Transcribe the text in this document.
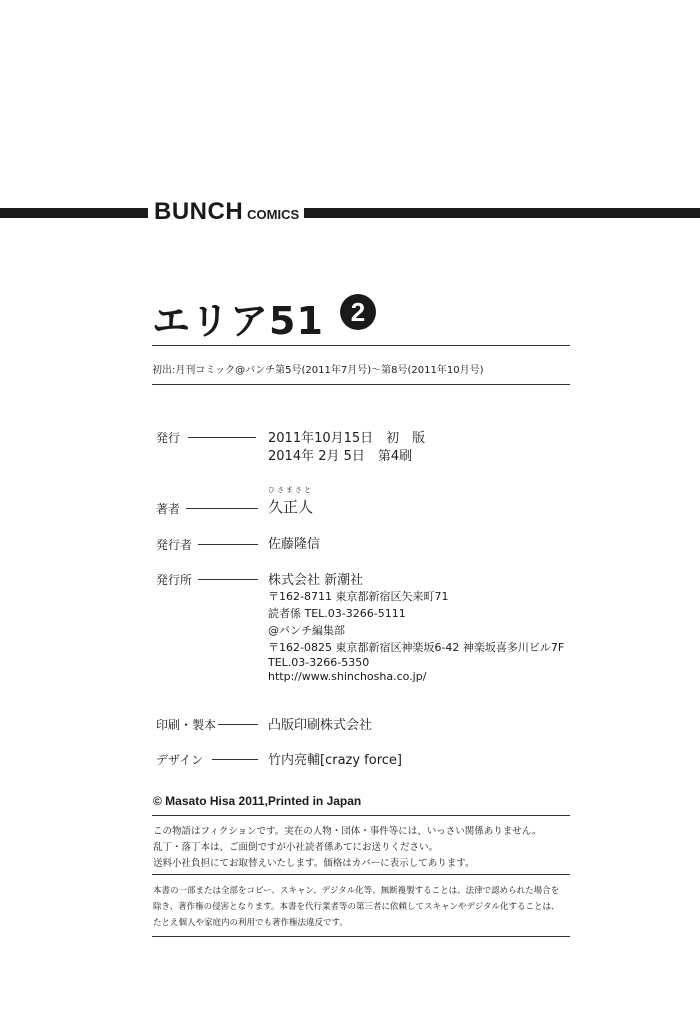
BUNCH COMICS
エリア51	2
初出:月刊コミック@バンチ第5号(2011年7月号)～第8号(2011年10月号)
発行	2011年10月15日　初　版
2014年 2月 5日　第4刷
ひさまさと
著者	久正人
発行者	佐藤隆信
発行所	株式会社 新潮社
〒162-8711 東京都新宿区矢来町71
読者係 TEL.03-3266-5111
@バンチ編集部
〒162-0825 東京都新宿区神楽坂6-42 神楽坂喜多川ビル7F
TEL.03-3266-5350
http://www.shinchosha.co.jp/
印刷・製本	凸版印刷株式会社
デザイン	竹内亮輔[crazy force]
© Masato Hisa 2011,Printed in Japan
この物語はフィクションです。実在の人物・団体・事件等には、いっさい関係ありません。
乱丁・落丁本は、ご面倒ですが小社読者係あてにお送りください。
送料小社負担にてお取替えいたします。価格はカバーに表示してあります。
本書の一部または全部をコピー、スキャン、デジタル化等、無断複製することは、法律で認められた場合を
除き、著作権の侵害となります。本書を代行業者等の第三者に依頼してスキャンやデジタル化することは、
たとえ個人や家庭内の利用でも著作権法違反です。
